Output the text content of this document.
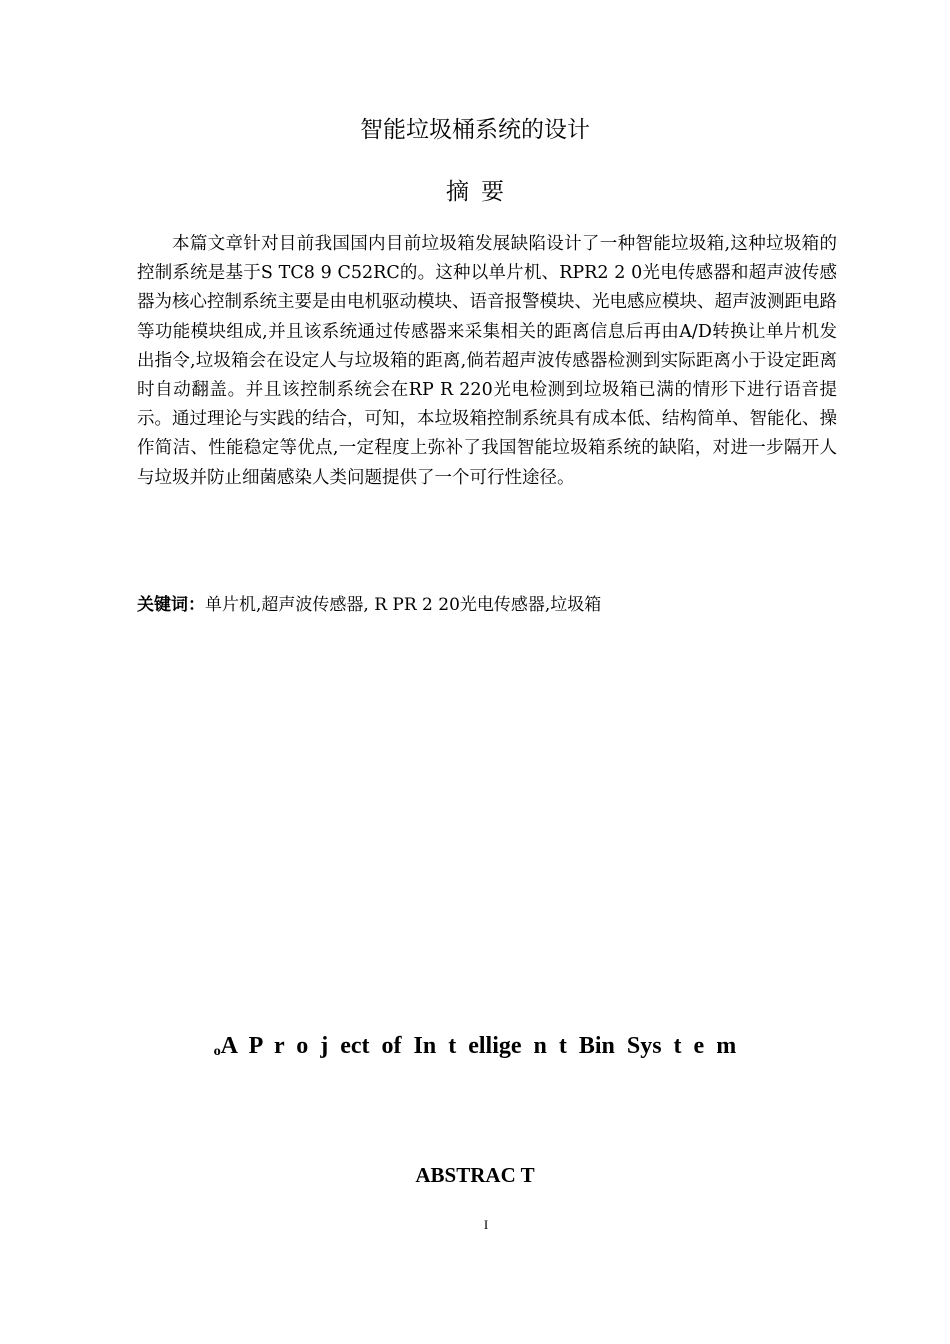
智能垃圾桶系统的设计
摘要

本篇文章针对目前我国国内目前垃圾箱发展缺陷设计了一种智能垃圾箱,这种垃圾箱的控制系统是基于S TC8 9 C52RC的。这种以单片机、RPR2 2 0光电传感器和超声波传感器为核心控制系统主要是由电机驱动模块、语音报警模块、光电感应模块、超声波测距电路等功能模块组成,并且该系统通过传感器来采集相关的距离信息后再由A/D转换让单片机发出指令,垃圾箱会在设定人与垃圾箱的距离,倘若超声波传感器检测到实际距离小于设定距离时自动翻盖。并且该控制系统会在RP R 220光电检测到垃圾箱已满的情形下进行语音提示。通过理论与实践的结合，可知，本垃圾箱控制系统具有成本低、结构简单、智能化、操作简洁、性能稳定等优点,一定程度上弥补了我国智能垃圾箱系统的缺陷，对进一步隔开人与垃圾并防止细菌感染人类问题提供了一个可行性途径。

关键词：单片机,超声波传感器, R PR 2 20光电传感器,垃圾箱

ₒA P r o j ect of In t ellige n t Bin Sys t e m
ABSTRAC T
I
